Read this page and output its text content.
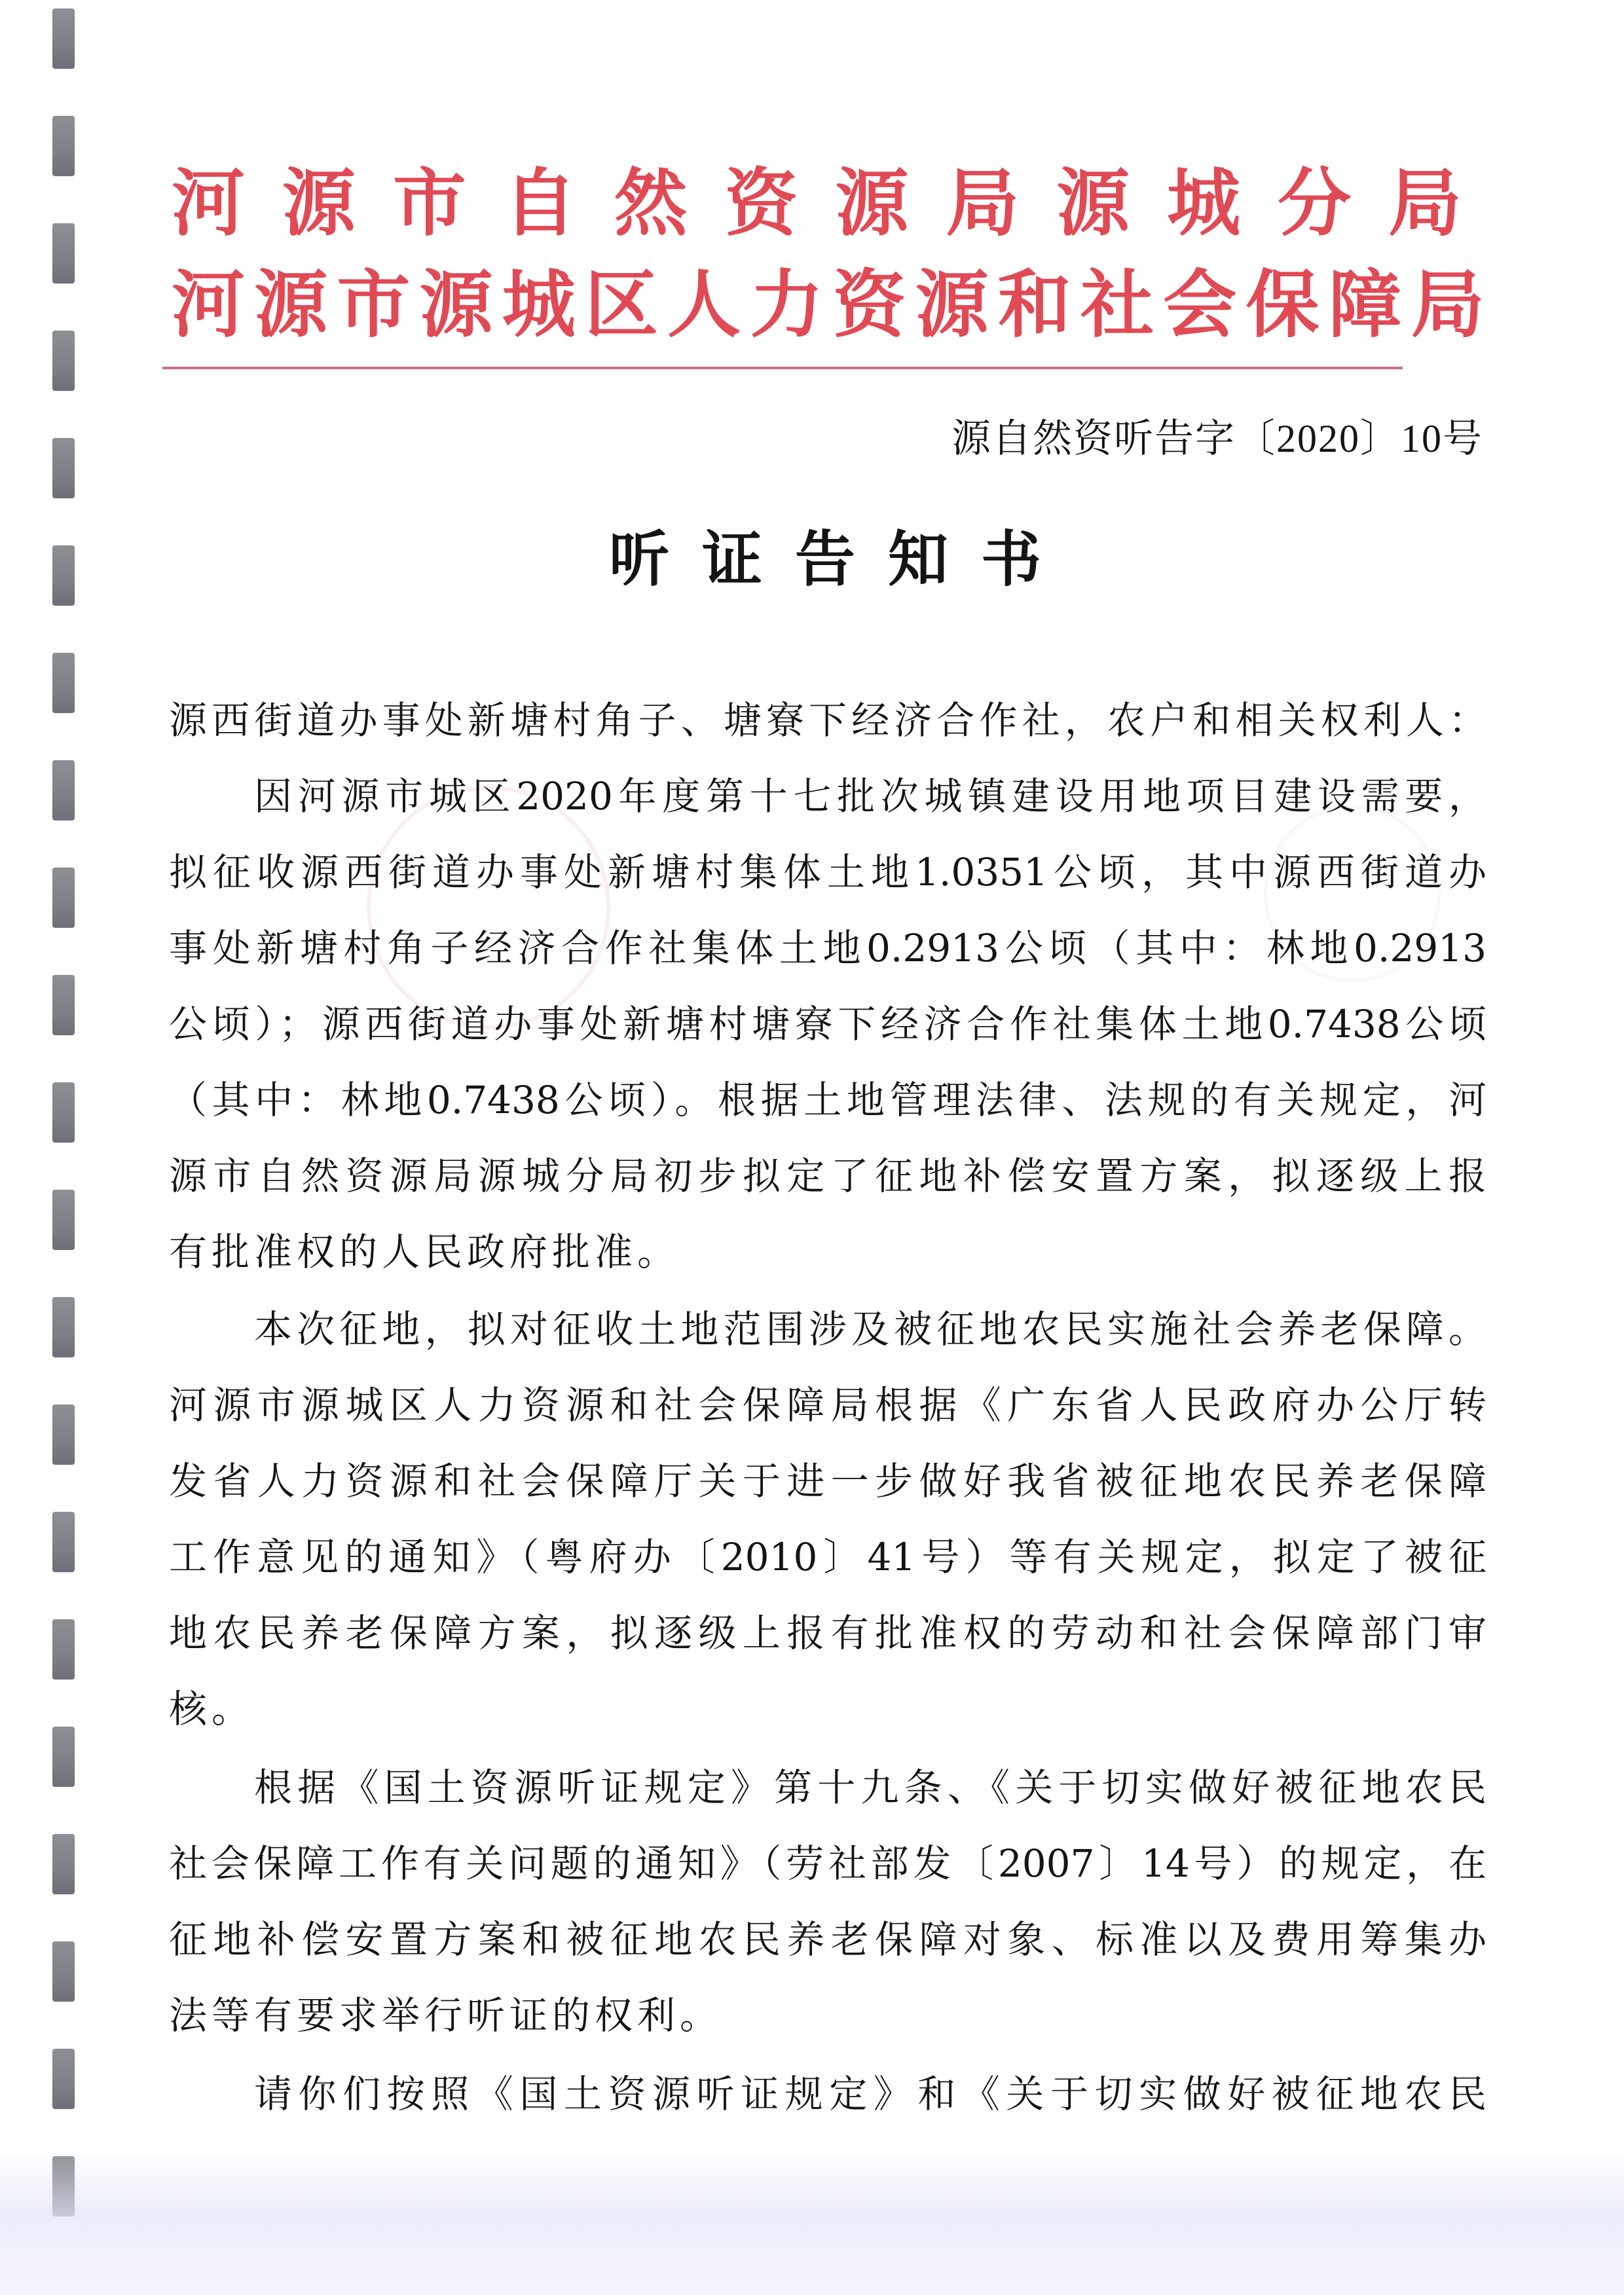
河 源 市 自 然 资 源 局 源 城 分 局
河 源 市 源 城 区 人 力 资 源 和 社 会 保 障 局
源自然资听告字〔2020〕10号
听 证 告 知 书
源西街道办事处新塘村角子、塘寮下经济合作社，农户和相关权利人：
因河源市城区2020年度第十七批次城镇建设用地项目建设需要，
拟征收源西街道办事处新塘村集体土地1.0351公顷，其中源西街道办
事处新塘村角子经济合作社集体土地0.2913公顷（其中：林地0.2913
公顷）；源西街道办事处新塘村塘寮下经济合作社集体土地0.7438公顷
（其中：林地0.7438公顷）。根据土地管理法律、法规的有关规定，河
源市自然资源局源城分局初步拟定了征地补偿安置方案，拟逐级上报
有批准权的人民政府批准。
本次征地，拟对征收土地范围涉及被征地农民实施社会养老保障。
河源市源城区人力资源和社会保障局根据《广东省人民政府办公厅转
发省人力资源和社会保障厅关于进一步做好我省被征地农民养老保障
工作意见的通知》（粤府办〔2010〕41号）等有关规定，拟定了被征
地农民养老保障方案，拟逐级上报有批准权的劳动和社会保障部门审
核。
根据《国土资源听证规定》第十九条、《关于切实做好被征地农民
社会保障工作有关问题的通知》（劳社部发〔2007〕14号）的规定，在
征地补偿安置方案和被征地农民养老保障对象、标准以及费用筹集办
法等有要求举行听证的权利。
请你们按照《国土资源听证规定》和《关于切实做好被征地农民
